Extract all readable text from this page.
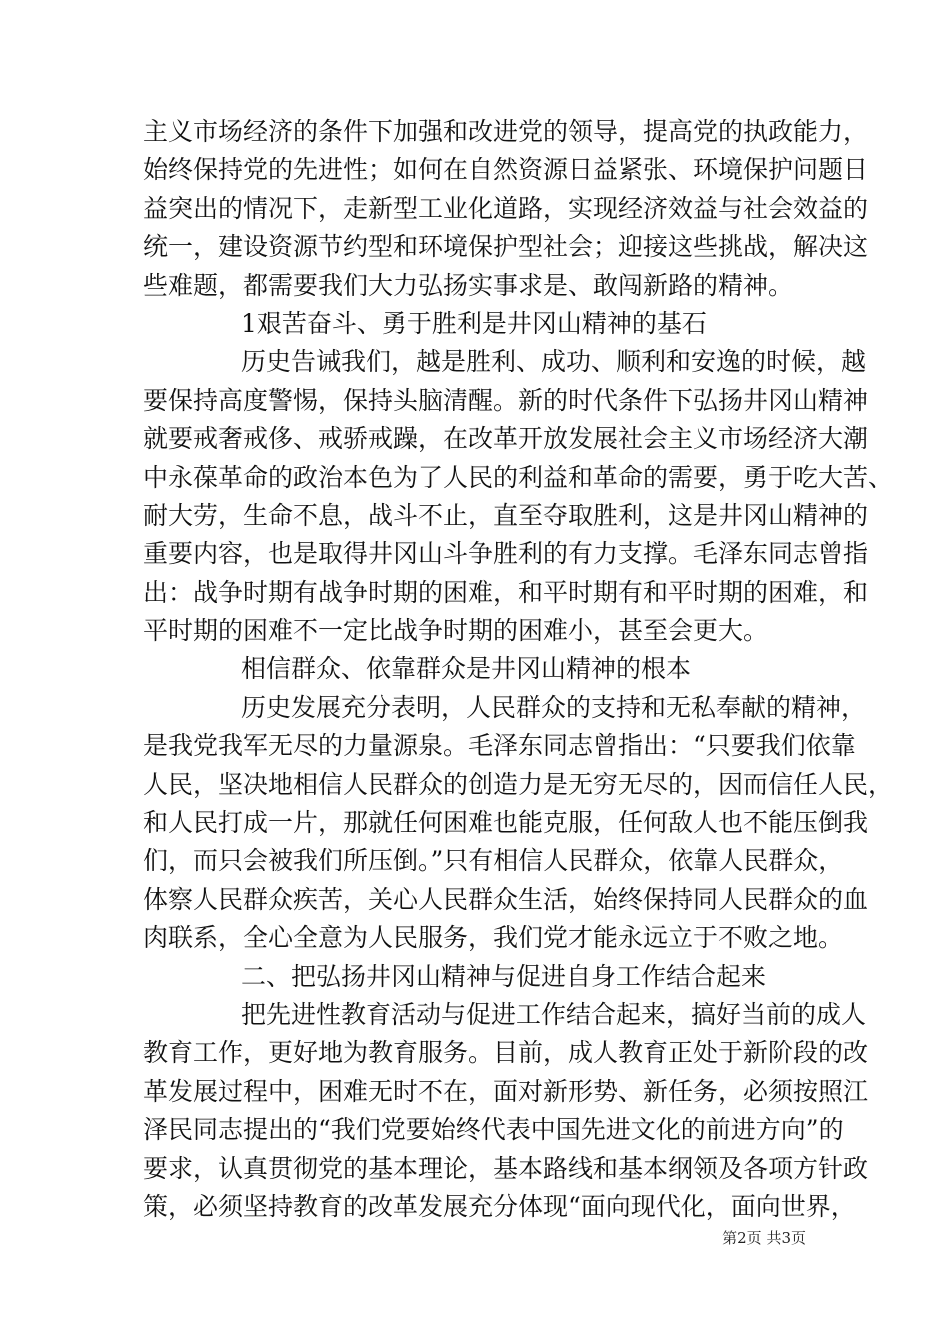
主义市场经济的条件下加强和改进党的领导，提高党的执政能力，
始终保持党的先进性；如何在自然资源日益紧张、环境保护问题日
益突出的情况下，走新型工业化道路，实现经济效益与社会效益的
统一，建设资源节约型和环境保护型社会；迎接这些挑战，解决这
些难题，都需要我们大力弘扬实事求是、敢闯新路的精神。
1艰苦奋斗、勇于胜利是井冈山精神的基石
历史告诫我们，越是胜利、成功、顺利和安逸的时候，越
要保持高度警惕，保持头脑清醒。新的时代条件下弘扬井冈山精神
就要戒奢戒侈、戒骄戒躁，在改革开放发展社会主义市场经济大潮
中永葆革命的政治本色为了人民的利益和革命的需要，勇于吃大苦、
耐大劳，生命不息，战斗不止，直至夺取胜利，这是井冈山精神的
重要内容，也是取得井冈山斗争胜利的有力支撑。毛泽东同志曾指
出：战争时期有战争时期的困难，和平时期有和平时期的困难，和
平时期的困难不一定比战争时期的困难小，甚至会更大。
相信群众、依靠群众是井冈山精神的根本
历史发展充分表明，人民群众的支持和无私奉献的精神，
是我党我军无尽的力量源泉。毛泽东同志曾指出：“只要我们依靠
人民，坚决地相信人民群众的创造力是无穷无尽的，因而信任人民，
和人民打成一片，那就任何困难也能克服，任何敌人也不能压倒我
们，而只会被我们所压倒。”只有相信人民群众，依靠人民群众，
体察人民群众疾苦，关心人民群众生活，始终保持同人民群众的血
肉联系，全心全意为人民服务，我们党才能永远立于不败之地。
二、把弘扬井冈山精神与促进自身工作结合起来
把先进性教育活动与促进工作结合起来，搞好当前的成人
教育工作，更好地为教育服务。目前，成人教育正处于新阶段的改
革发展过程中，困难无时不在，面对新形势、新任务，必须按照江
泽民同志提出的“我们党要始终代表中国先进文化的前进方向”的
要求，认真贯彻党的基本理论，基本路线和基本纲领及各项方针政
策，必须坚持教育的改革发展充分体现“面向现代化，面向世界，
第2页 共3页
